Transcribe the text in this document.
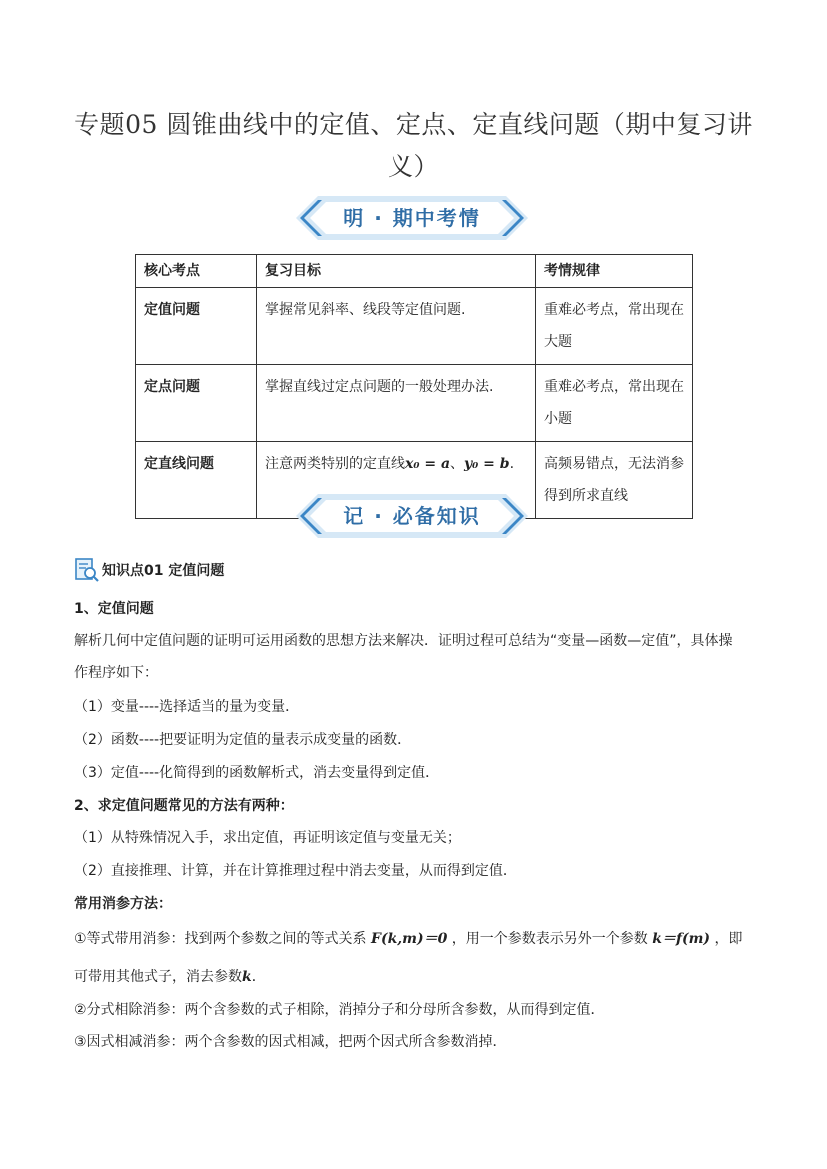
专题05 圆锥曲线中的定值、定点、定直线问题（期中复习讲
义）
明 · 期中考情
核心考点	复习目标	考情规律
定值问题	掌握常见斜率、线段等定值问题.	重难必考点，常出现在
大题
定点问题	掌握直线过定点问题的一般处理办法.	重难必考点，常出现在
小题
定直线问题	注意两类特别的定直线x₀ = a、y₀ = b.	高频易错点，无法消参
得到所求直线
记 · 必备知识
知识点01 定值问题
1、定值问题
解析几何中定值问题的证明可运用函数的思想方法来解决．证明过程可总结为“变量—函数—定值”，具体操
作程序如下：
（1）变量----选择适当的量为变量．
（2）函数----把要证明为定值的量表示成变量的函数．
（3）定值----化简得到的函数解析式，消去变量得到定值．
2、求定值问题常见的方法有两种：
（1）从特殊情况入手，求出定值，再证明该定值与变量无关；
（2）直接推理、计算，并在计算推理过程中消去变量，从而得到定值．
常用消参方法：
①等式带用消参：找到两个参数之间的等式关系 F(k,m)＝0 ，用一个参数表示另外一个参数 k＝f(m) ，即
可带用其他式子，消去参数k．
②分式相除消参：两个含参数的式子相除，消掉分子和分母所含参数，从而得到定值．
③因式相减消参：两个含参数的因式相减，把两个因式所含参数消掉．
